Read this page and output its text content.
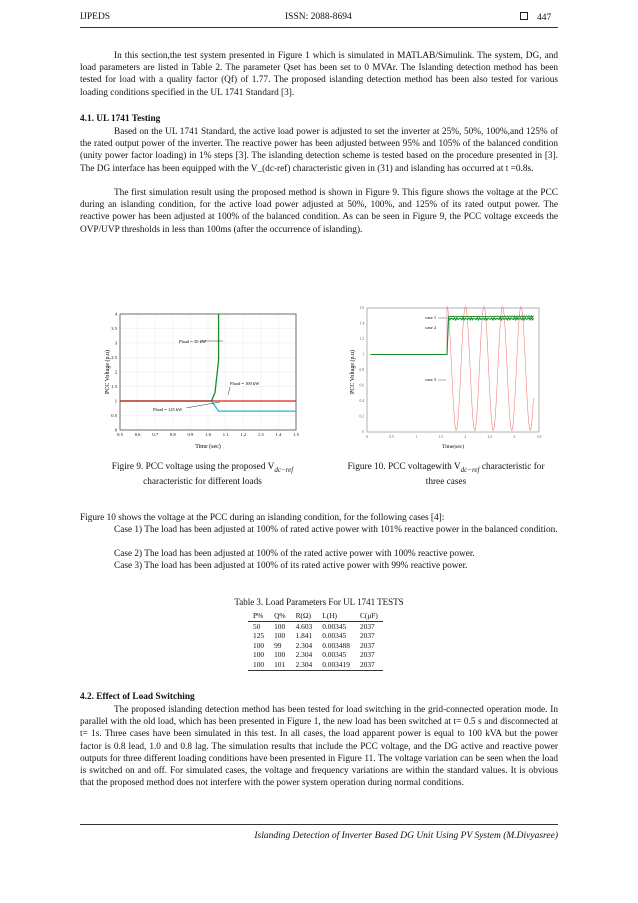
IJPEDS	ISSN: 2088-8694	447
In this section,the test system presented in Figure 1 which is simulated in MATLAB/Simulink. The system, DG, and load parameters are listed in Table 2. The parameter Qset has been set to 0 MVAr. The Islanding detection method has been tested for load with a quality factor (Qf) of 1.77. The proposed islanding detection method has been also tested for various loading conditions specified in the UL 1741 Standard [3].
4.1. UL 1741 Testing
Based on the UL 1741 Standard, the active load power is adjusted to set the inverter at 25%, 50%, 100%,and 125% of the rated output power of the inverter. The reactive power has been adjusted between 95% and 105% of the balanced condition (unity power factor loading) in 1% steps [3]. The islanding detection scheme is tested based on the procedure presented in [3]. The DG interface has been equipped with the V_(dc-ref) characteristic given in (31) and islanding has occurred at t =0.8s.
The first simulation result using the proposed method is shown in Figure 9. This figure shows the voltage at the PCC during an islanding condition, for the active load power adjusted at 50%, 100%, and 125% of its rated output power. The reactive power has been adjusted at 100% of the balanced condition. As can be seen in Figure 9, the PCC voltage exceeds the OVP/UVP thresholds in less than 100ms (after the occurrence of islanding).
0.5	0.6	0.7	0.8	0.9	1.0	1.1	1.2	1.3	1.4	1.5
0
0.5
1
1.5
2
2.5
3
3.5
4
Pload = 50 kW
Pload = 100 kW
Pload = 125 kW
PCC Voltage (p.u)
Time (sec)
0	0.5	1	1.5	2	2.5	3	3.5
0
0.2
0.4
0.6
0.8
1
1.2
1.4
1.6
case 1
case 2
case 3
PCC Voltage (p.u)
Time(sec)
Figire 9. PCC voltage using the proposed $V_{dc-ref}$
characteristic for different loads
Figure 10. PCC voltagewith $V_{dc-ref}$ characteristic for
three cases
Figure 10 shows the voltage at the PCC during an islanding condition, for the following cases [4]:
Case 1) The load has been adjusted at 100% of rated active power with 101% reactive power in the balanced condition.
Case 2) The load has been adjusted at 100% of the rated active power with 100% reactive power.
Case 3) The load has been adjusted at 100% of its rated active power with 99% reactive power.
Table 3. Load Parameters For UL 1741 TESTS
P%	Q%	R(Ω)	L(H)	C(μF)
50	100	4.603	0.00345	2037
125	100	1.841	0.00345	2037
100	99	2.304	0.003488	2037
100	100	2.304	0.00345	2037
100	101	2.304	0.003419	2037
4.2. Effect of Load Switching
The proposed islanding detection method has been tested for load switching in the grid-connected operation mode. In parallel with the old load, which has been presented in Figure 1, the new load has been switched at t= 0.5 s and disconnected at t= 1s. Three cases have been simulated in this test. In all cases, the load apparent power is equal to 100 kVA but the power factor is 0.8 lead, 1.0 and 0.8 lag. The simulation results that include the PCC voltage, and the DG active and reactive power outputs for three different loading conditions have been presented in Figure 11. The voltage variation can be seen when the load is switched on and off. For simulated cases, the voltage and frequency variations are within the standard values. It is obvious that the proposed method does not interfere with the power system operation during normal conditions.
Islanding Detection of Inverter Based DG Unit Using PV System (M.Divyasree)
